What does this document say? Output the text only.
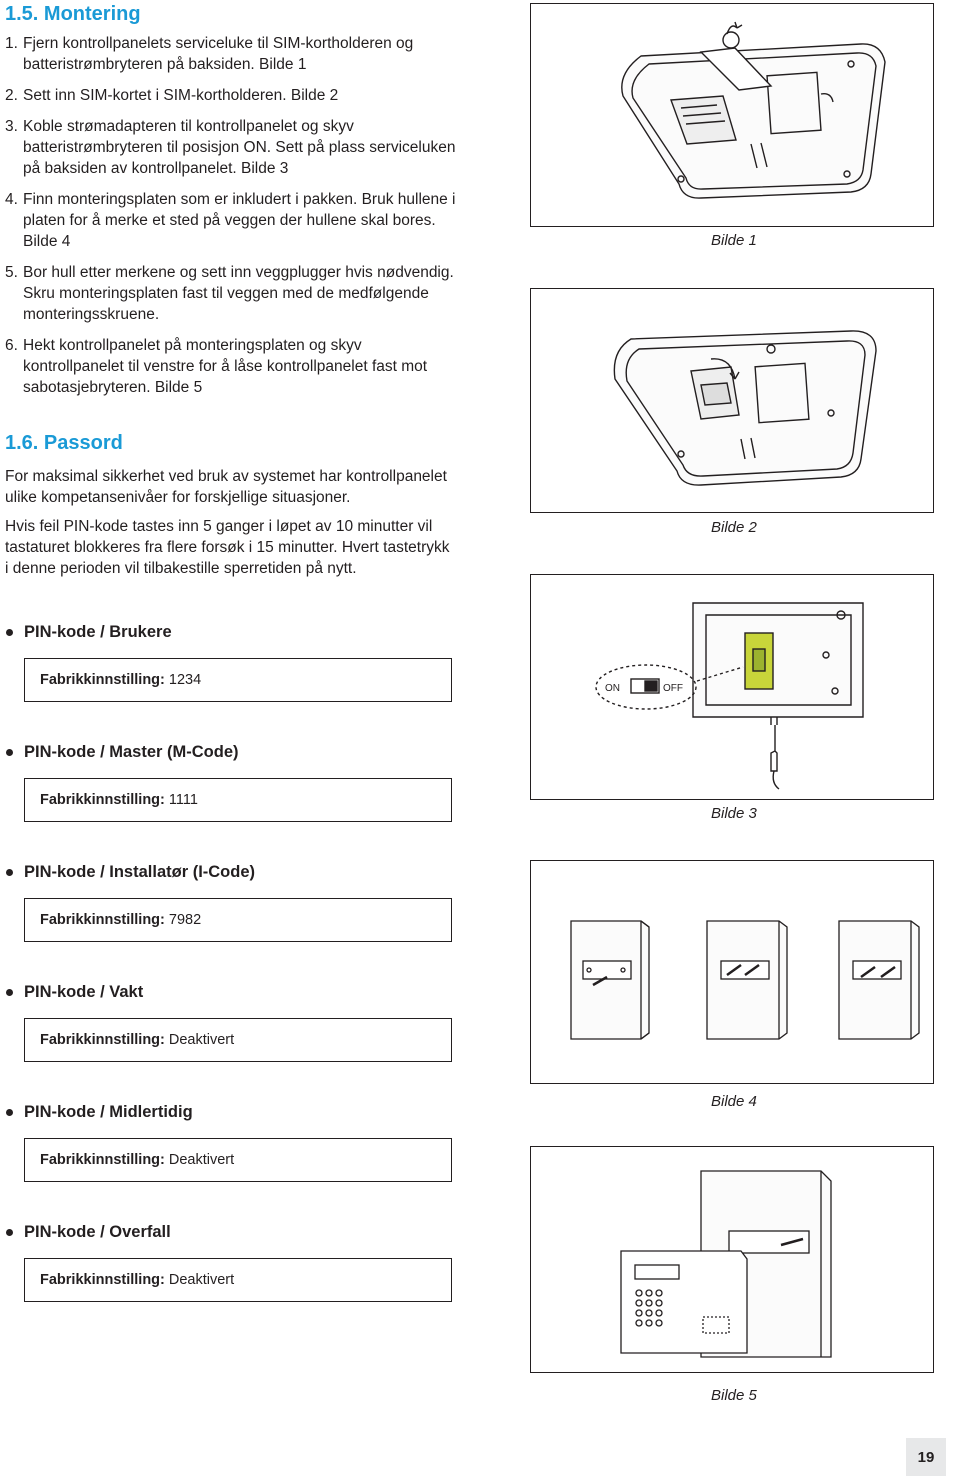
1.5. Montering
1. Fjern kontrollpanelets serviceluke til SIM-kortholderen og batteristrømbryteren på baksiden. Bilde 1
2. Sett inn SIM-kortet i SIM-kortholderen. Bilde 2
3. Koble strømadapteren til kontrollpanelet og skyv batteristrømbryteren til posisjon ON. Sett på plass serviceluken på baksiden av kontrollpanelet. Bilde 3
4. Finn monteringsplaten som er inkludert i pakken. Bruk hullene i platen for å merke et sted på veggen der hullene skal bores. Bilde 4
5. Bor hull etter merkene og sett inn veggplugger hvis nødvendig. Skru monteringsplaten fast til veggen med de medfølgende monteringsskruene.
6. Hekt kontrollpanelet på monteringsplaten og skyv kontrollpanelet til venstre for å låse kontrollpanelet fast mot sabotasjebryteren. Bilde 5
1.6. Passord

For maksimal sikkerhet ved bruk av systemet har kontrollpanelet ulike kompetansenivåer for forskjellige situasjoner.

Hvis feil PIN-kode tastes inn 5 ganger i løpet av 10 minutter vil tastaturet blokkeres fra flere forsøk i 15 minutter. Hvert tastetrykk i denne perioden vil tilbakestille sperretiden på nytt.

PIN-kode / Brukere
Fabrikkinnstilling: 1234
PIN-kode / Master (M-Code)
Fabrikkinnstilling: 1111
PIN-kode / Installatør (I-Code)
Fabrikkinnstilling: 7982
PIN-kode / Vakt
Fabrikkinnstilling: Deaktivert
PIN-kode / Midlertidig
Fabrikkinnstilling: Deaktivert
PIN-kode / Overfall
Fabrikkinnstilling: Deaktivert
Bilde 1
Bilde 2
ON	OFF
Bilde 3
Bilde 4
Bilde 5
19
